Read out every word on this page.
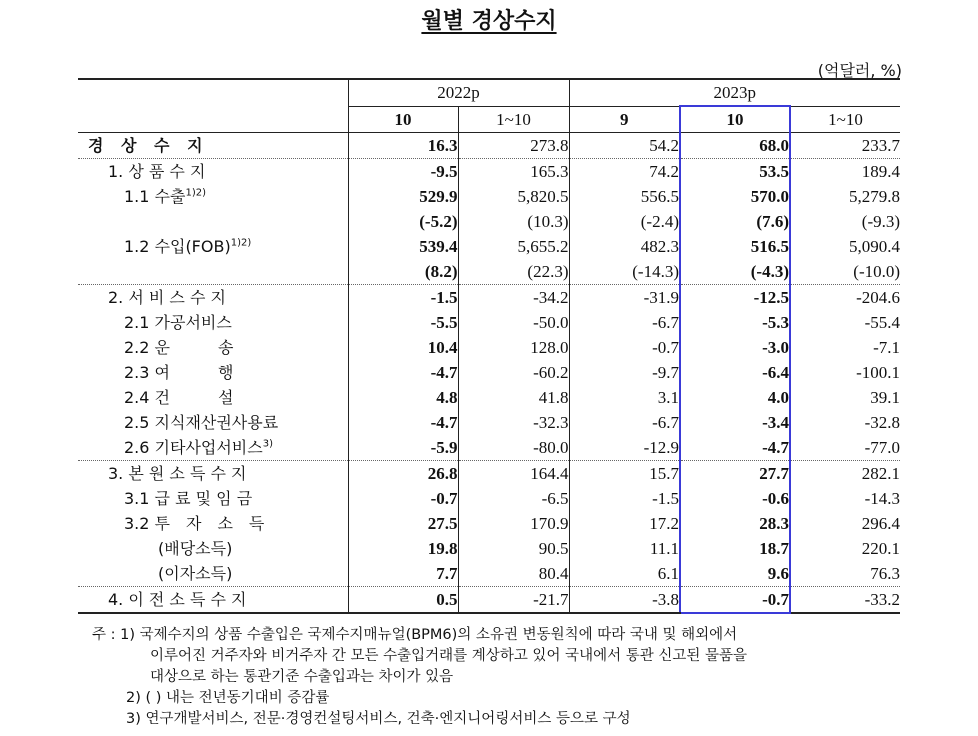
월별 경상수지
(억달러, %)
	2022p		2023p		
	10	1~10	9	10	1~10
경 상 수 지	16.3	273.8	54.2	68.0	233.7
1. 상 품 수 지	-9.5	165.3	74.2	53.5	189.4
1.1 수출$^{1)2)}$	529.9	5,820.5	556.5	570.0	5,279.8
	(-5.2)	(10.3)	(-2.4)	(7.6)	(-9.3)
1.2 수입(FOB)$^{1)2)}$	539.4	5,655.2	482.3	516.5	5,090.4
	(8.2)	(22.3)	(-14.3)	(-4.3)	(-10.0)
2. 서 비 스 수 지	-1.5	-34.2	-31.9	-12.5	-204.6
2.1 가공서비스	-5.5	-50.0	-6.7	-5.3	-55.4
2.2 운　　　송	10.4	128.0	-0.7	-3.0	-7.1
2.3 여　　　행	-4.7	-60.2	-9.7	-6.4	-100.1
2.4 건　　　설	4.8	41.8	3.1	4.0	39.1
2.5 지식재산권사용료	-4.7	-32.3	-6.7	-3.4	-32.8
2.6 기타사업서비스$^{3)}$	-5.9	-80.0	-12.9	-4.7	-77.0
3. 본 원 소 득 수 지	26.8	164.4	15.7	27.7	282.1
3.1 급 료 및 임 금	-0.7	-6.5	-1.5	-0.6	-14.3
3.2 투　자　소　득	27.5	170.9	17.2	28.3	296.4
(배당소득)	19.8	90.5	11.1	18.7	220.1
(이자소득)	7.7	80.4	6.1	9.6	76.3
4. 이 전 소 득 수 지	0.5	-21.7	-3.8	-0.7	-33.2
주 : 1) 국제수지의 상품 수출입은 국제수지매뉴얼(BPM6)의 소유권 변동원칙에 따라 국내 및 해외에서
이루어진 거주자와 비거주자 간 모든 수출입거래를 계상하고 있어 국내에서 통관 신고된 물품을
대상으로 하는 통관기준 수출입과는 차이가 있음
2) ( ) 내는 전년동기대비 증감률
3) 연구개발서비스, 전문·경영컨설팅서비스, 건축·엔지니어링서비스 등으로 구성
